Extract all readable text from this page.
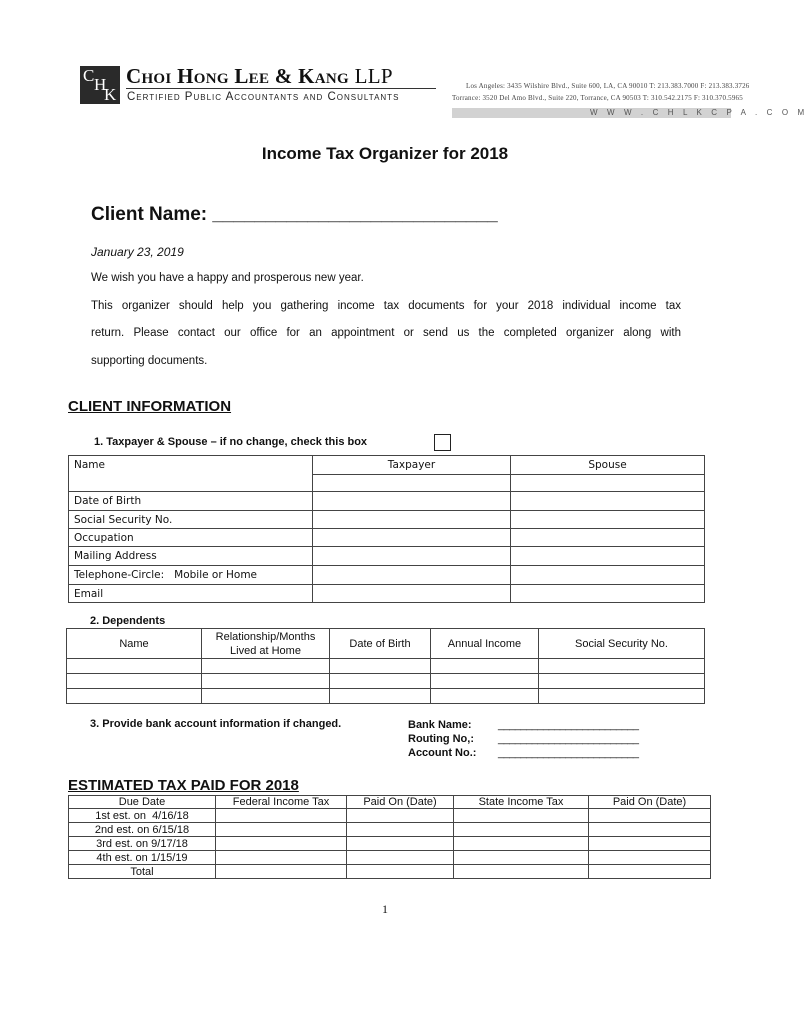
C H
K
Choi Hong Lee & Kang LLP
Certified Public Accountants and Consultants
Los Angeles: 3435 Wilshire Blvd., Suite 600, LA, CA 90010 T: 213.383.7000 F: 213.383.3726
Torrance: 3520 Del Amo Blvd., Suite 220, Torrance, CA 90503 T: 310.542.2175 F: 310.370.5965
W W W . C H L K C P A . C O M
Income Tax Organizer for 2018
Client Name: ___________________________
January 23, 2019
We wish you have a happy and prosperous new year.
This organizer should help you gathering income tax documents for your 2018 individual income tax
return. Please contact our office for an appointment or send us the completed organizer along with
supporting documents.
CLIENT INFORMATION
1. Taxpayer & Spouse – if no change, check this box
Name	Taxpayer	Spouse

Date of Birth		
Social Security No.		
Occupation		
Mailing Address		
Telephone-Circle:   Mobile or Home		
Email		
2. Dependents
Name	Relationship/Months
Lived at Home	Date of Birth	Annual Income	Social Security No.

3. Provide bank account information if changed.	Bank Name:
Routing No,:
Account No.:
_________________________
_________________________
_________________________
ESTIMATED TAX PAID FOR 2018
Due Date	Federal Income Tax	Paid On (Date)	State Income Tax	Paid On (Date)
1st est. on  4/16/18				
2nd est. on 6/15/18				
3rd est. on 9/17/18				
4th est. on 1/15/19				
Total				
1
